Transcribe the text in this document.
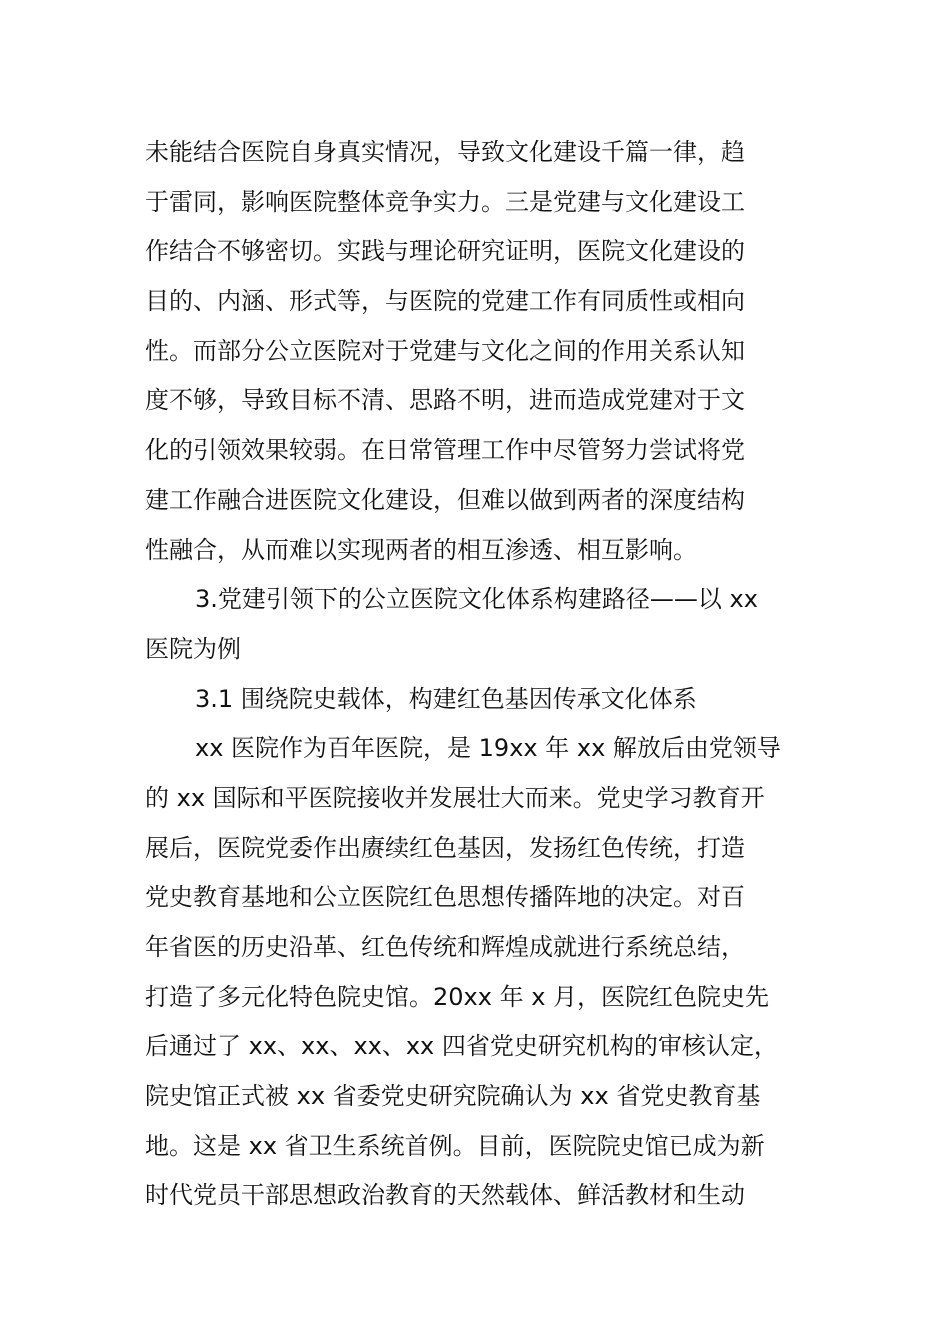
未能结合医院自身真实情况，导致文化建设千篇一律，趋
于雷同，影响医院整体竞争实力。三是党建与文化建设工
作结合不够密切。实践与理论研究证明，医院文化建设的
目的、内涵、形式等，与医院的党建工作有同质性或相向
性。而部分公立医院对于党建与文化之间的作用关系认知
度不够，导致目标不清、思路不明，进而造成党建对于文
化的引领效果较弱。在日常管理工作中尽管努力尝试将党
建工作融合进医院文化建设，但难以做到两者的深度结构
性融合，从而难以实现两者的相互渗透、相互影响。
3.党建引领下的公立医院文化体系构建路径——以 xx
医院为例
3.1 围绕院史载体，构建红色基因传承文化体系
xx 医院作为百年医院，是 19xx 年 xx 解放后由党领导
的 xx 国际和平医院接收并发展壮大而来。党史学习教育开
展后，医院党委作出赓续红色基因，发扬红色传统，打造
党史教育基地和公立医院红色思想传播阵地的决定。对百
年省医的历史沿革、红色传统和辉煌成就进行系统总结，
打造了多元化特色院史馆。20xx 年 x 月，医院红色院史先
后通过了 xx、xx、xx、xx 四省党史研究机构的审核认定，
院史馆正式被 xx 省委党史研究院确认为 xx 省党史教育基
地。这是 xx 省卫生系统首例。目前，医院院史馆已成为新
时代党员干部思想政治教育的天然载体、鲜活教材和生动
